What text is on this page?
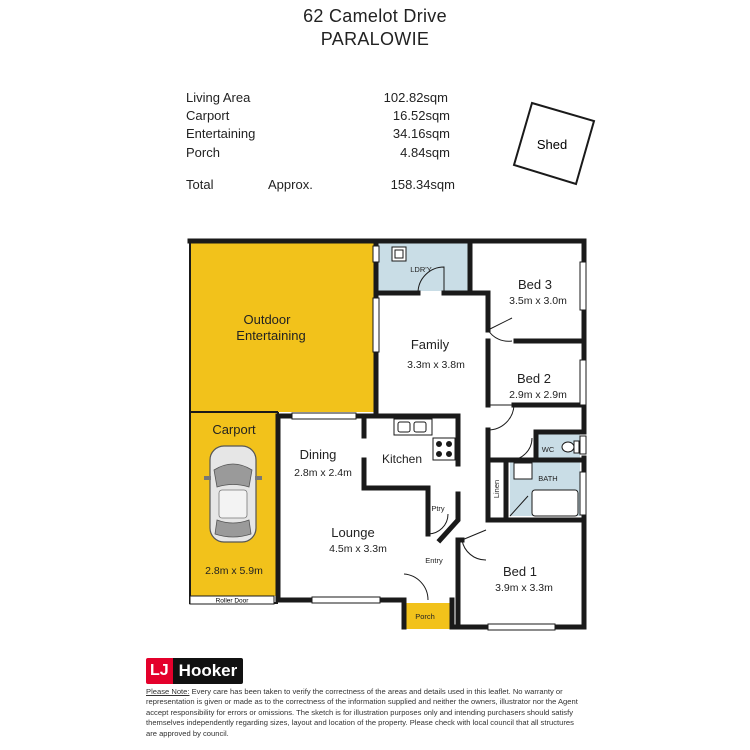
62 Camelot Drive
PARALOWIE
Living Area	102.82sqm
Carport	16.52sqm
Entertaining	34.16sqm
Porch	4.84sqm
Total	Approx.	158.34sqm
Shed
Roller Door
LDR'Y
Bed 3
3.5m x 3.0m
Outdoor
Entertaining
Family
3.3m x 3.8m
Bed 2
2.9m x 2.9m
Carport
2.8m x 5.9m
Dining
2.8m x 2.4m
Kitchen
WC
BATH
Linen
Ptry
Lounge
4.5m x 3.3m
Entry
Bed 1
3.9m x 3.3m
Porch
LJ Hooker
Please Note: Every care has been taken to verify the correctness of the areas and details used in this leaflet. No warranty or representation is given or made as to the correctness of the information supplied and neither the owners, illustrator nor the Agent accept responsibility for errors or omissions. The sketch is for illustration purposes only and intending purchasers should satisfy themselves independently regarding sizes, layout and location of the property. Please check with local council that all structures are approved by council.
